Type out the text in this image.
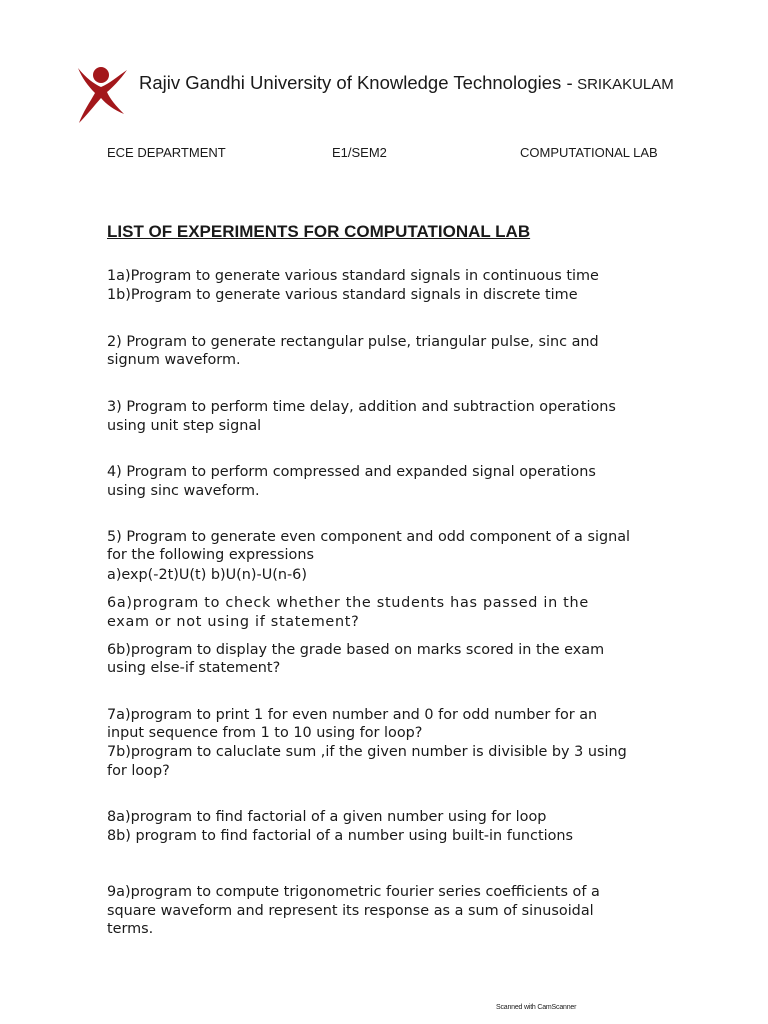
Rajiv Gandhi University of Knowledge Technologies - SRIKAKULAM
ECE DEPARTMENT	E1/SEM2	COMPUTATIONAL LAB
LIST OF EXPERIMENTS FOR COMPUTATIONAL LAB
1a)Program to generate various standard signals in continuous time
1b)Program to generate various standard signals in discrete time
2) Program to generate rectangular pulse, triangular pulse, sinc and
signum waveform.
3) Program to perform time delay, addition and subtraction operations
using unit step signal
4) Program to perform compressed and expanded signal operations
using sinc waveform.
5) Program to generate even component and odd component of a signal
for the following expressions
a)exp(-2t)U(t) b)U(n)-U(n-6)
6a)program to check whether the students has passed in the
exam or not using if statement?
6b)program to display the grade based on marks scored in the exam
using else-if statement?
7a)program to print 1 for even number and 0 for odd number for an
input sequence from 1 to 10 using for loop?
7b)program to caluclate sum ,if the given number is divisible by 3 using
for loop?
8a)program to find factorial of a given number using for loop
8b) program to find factorial of a number using built-in functions
9a)program to compute trigonometric fourier series coefficients of a
square waveform and represent its response as a sum of sinusoidal
terms.
Scanned with CamScanner
